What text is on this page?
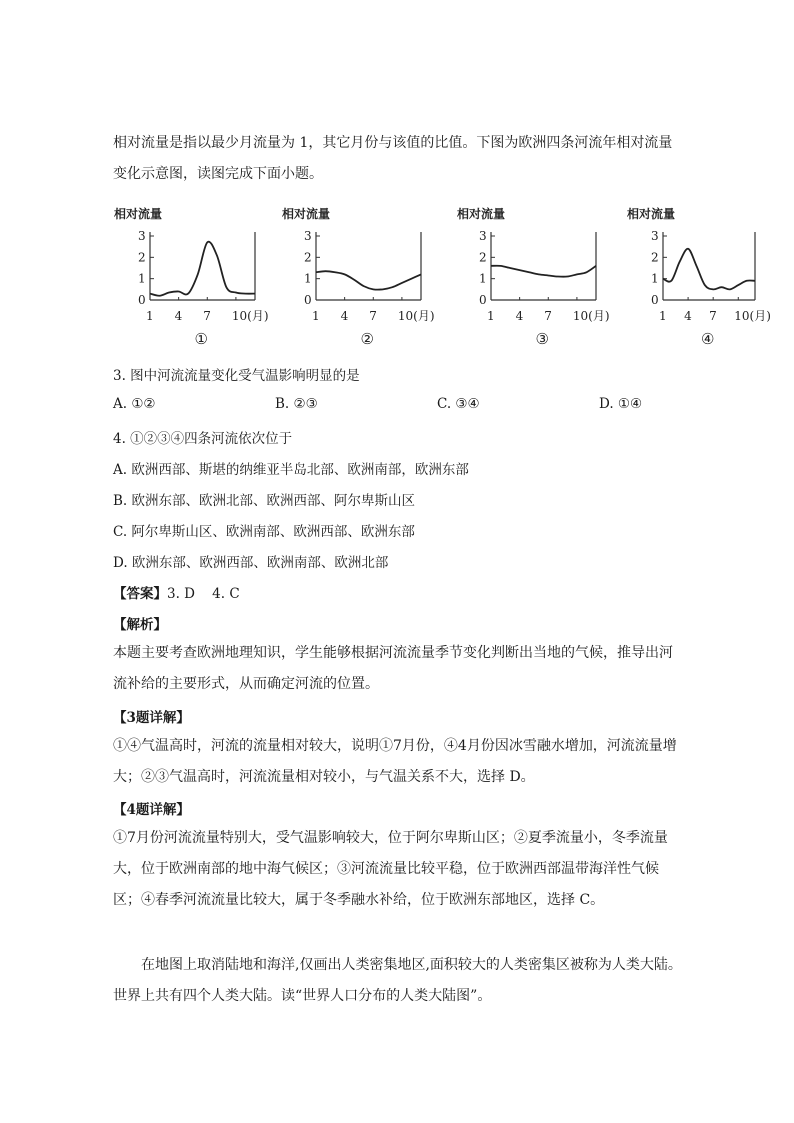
相对流量是指以最少月流量为 1，其它月份与该值的比值。下图为欧洲四条河流年相对流量变化示意图，读图完成下面小题。

相对流量
0
1
2
3
1 4 7 10(月)
①
相对流量
0
1
2
3
1 4 7 10(月)
②
相对流量
0
1
2
3
1 4 7 10(月)
③
相对流量
0
1
2
3
1 4 7 10(月)
④
3. 图中河流流量变化受气温影响明显的是
A. ①②	B. ②③	C. ③④	D. ①④
4. ①②③④四条河流依次位于
A. 欧洲西部、斯堪的纳维亚半岛北部、欧洲南部，欧洲东部
B. 欧洲东部、欧洲北部、欧洲西部、阿尔卑斯山区
C. 阿尔卑斯山区、欧洲南部、欧洲西部、欧洲东部
D. 欧洲东部、欧洲西部、欧洲南部、欧洲北部
【答案】3. D    4. C
【解析】

本题主要考查欧洲地理知识，学生能够根据河流流量季节变化判断出当地的气候，推导出河流补给的主要形式，从而确定河流的位置。

【3题详解】

①④气温高时，河流的流量相对较大，说明①7月份，④4月份因冰雪融水增加，河流流量增大；②③气温高时，河流流量相对较小，与气温关系不大，选择 D。

【4题详解】

①7月份河流流量特别大，受气温影响较大，位于阿尔卑斯山区；②夏季流量小，冬季流量大，位于欧洲南部的地中海气候区；③河流流量比较平稳，位于欧洲西部温带海洋性气候区；④春季河流流量比较大，属于冬季融水补给，位于欧洲东部地区，选择 C。

在地图上取消陆地和海洋,仅画出人类密集地区,面积较大的人类密集区被称为人类大陆。世界上共有四个人类大陆。读“世界人口分布的人类大陆图”。
